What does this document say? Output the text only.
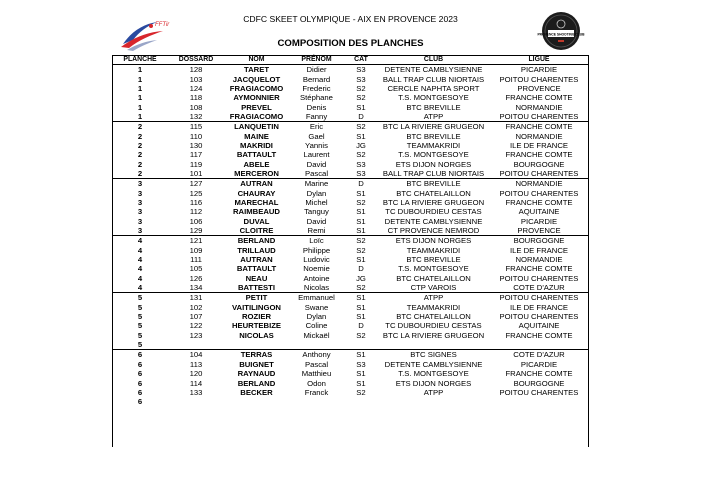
CDFC SKEET OLYMPIQUE - AIX EN PROVENCE 2023
FFTir
PROVENCE SHOOTING CLUB
COMPOSITION DES PLANCHES
PLANCHE	DOSSARD	NOM	PRÉNOM	CAT	CLUB	LIGUE
1	128	TARET	Didier	S3	DETENTE CAMBLYSIENNE	PICARDIE
1	103	JACQUELOT	Bernard	S3	BALL TRAP CLUB NIORTAIS	POITOU CHARENTES
1	124	FRAGIACOMO	Frederic	S2	CERCLE NAPHTA SPORT	PROVENCE
1	118	AYMONNIER	Stéphane	S2	T.S. MONTGESOYE	FRANCHE COMTE
1	108	PREVEL	Denis	S1	BTC BREVILLE	NORMANDIE
1	132	FRAGIACOMO	Fanny	D	ATPP	POITOU CHARENTES
2	115	LANQUETIN	Eric	S2	BTC LA RIVIERE GRUGEON	FRANCHE COMTE
2	110	MAINE	Gael	S1	BTC BREVILLE	NORMANDIE
2	130	MAKRIDI	Yannis	JG	TEAMMAKRIDI	ILE DE FRANCE
2	117	BATTAULT	Laurent	S2	T.S. MONTGESOYE	FRANCHE COMTE
2	119	ABELE	David	S3	ETS DIJON NORGES	BOURGOGNE
2	101	MERCERON	Pascal	S3	BALL TRAP CLUB NIORTAIS	POITOU CHARENTES
3	127	AUTRAN	Marine	D	BTC BREVILLE	NORMANDIE
3	125	CHAURAY	Dylan	S1	BTC CHATELAILLON	POITOU CHARENTES
3	116	MARECHAL	Michel	S2	BTC LA RIVIERE GRUGEON	FRANCHE COMTE
3	112	RAIMBEAUD	Tanguy	S1	TC DUBOURDIEU CESTAS	AQUITAINE
3	106	DUVAL	David	S1	DETENTE CAMBLYSIENNE	PICARDIE
3	129	CLOITRE	Remi	S1	CT PROVENCE NEMROD	PROVENCE
4	121	BERLAND	Loïc	S2	ETS DIJON NORGES	BOURGOGNE
4	109	TRILLAUD	Philippe	S2	TEAMMAKRIDI	ILE DE FRANCE
4	111	AUTRAN	Ludovic	S1	BTC BREVILLE	NORMANDIE
4	105	BATTAULT	Noemie	D	T.S. MONTGESOYE	FRANCHE COMTE
4	126	NEAU	Antoine	JG	BTC CHATELAILLON	POITOU CHARENTES
4	134	BATTESTI	Nicolas	S2	CTP VAROIS	COTE D'AZUR
5	131	PETIT	Emmanuel	S1	ATPP	POITOU CHARENTES
5	102	VAITILINGON	Swane	S1	TEAMMAKRIDI	ILE DE FRANCE
5	107	ROZIER	Dylan	S1	BTC CHATELAILLON	POITOU CHARENTES
5	122	HEURTEBIZE	Coline	D	TC DUBOURDIEU CESTAS	AQUITAINE
5	123	NICOLAS	Mickaël	S2	BTC LA RIVIERE GRUGEON	FRANCHE COMTE
5						
6	104	TERRAS	Anthony	S1	BTC SIGNES	COTE D'AZUR
6	113	BUIGNET	Pascal	S3	DETENTE CAMBLYSIENNE	PICARDIE
6	120	RAYNAUD	Matthieu	S1	T.S. MONTGESOYE	FRANCHE COMTE
6	114	BERLAND	Odon	S1	ETS DIJON NORGES	BOURGOGNE
6	133	BECKER	Franck	S2	ATPP	POITOU CHARENTES
6						
